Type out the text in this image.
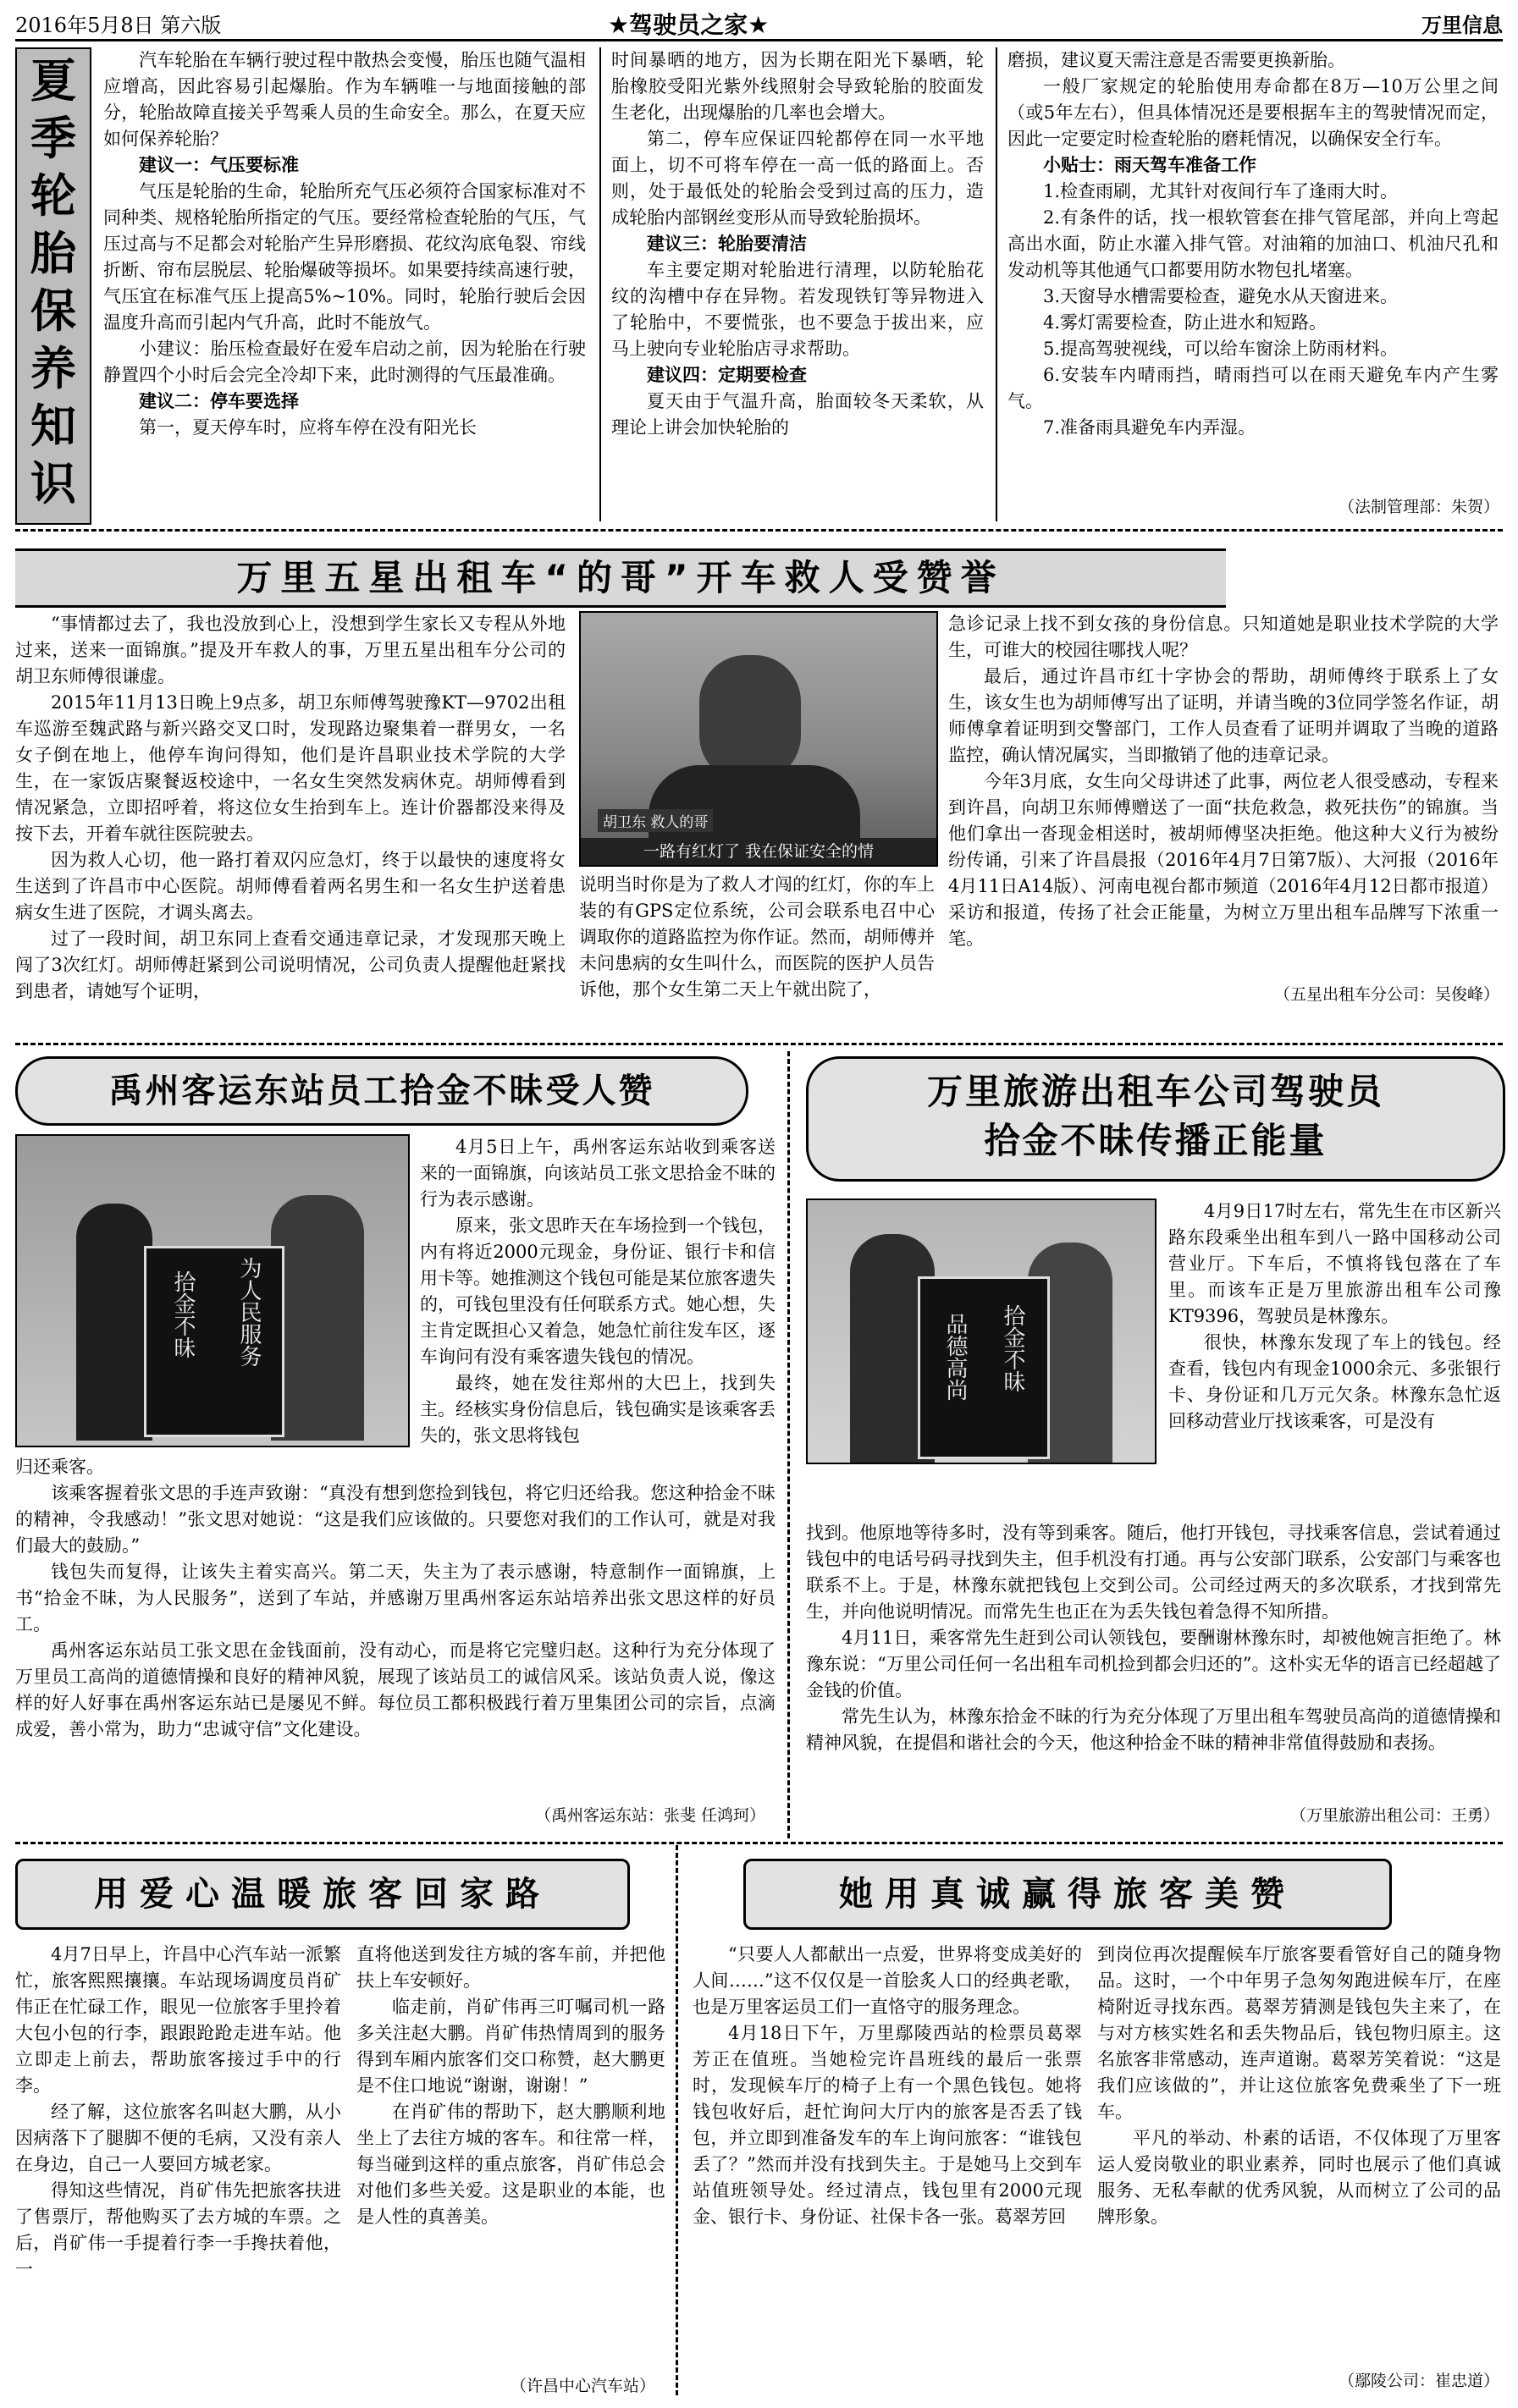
2016年5月8日 第六版	★驾驶员之家★	万里信息
夏
季
轮
胎
保
养
知
识

汽车轮胎在车辆行驶过程中散热会变慢，胎压也随气温相应增高，因此容易引起爆胎。作为车辆唯一与地面接触的部分，轮胎故障直接关乎驾乘人员的生命安全。那么，在夏天应如何保养轮胎？

建议一：气压要标准

气压是轮胎的生命，轮胎所充气压必须符合国家标准对不同种类、规格轮胎所指定的气压。要经常检查轮胎的气压，气压过高与不足都会对轮胎产生异形磨损、花纹沟底龟裂、帘线折断、帘布层脱层、轮胎爆破等损坏。如果要持续高速行驶，气压宜在标准气压上提高5%~10%。同时，轮胎行驶后会因温度升高而引起内气升高，此时不能放气。

小建议：胎压检查最好在爱车启动之前，因为轮胎在行驶静置四个小时后会完全冷却下来，此时测得的气压最准确。

建议二：停车要选择

第一，夏天停车时，应将车停在没有阳光长

时间暴晒的地方，因为长期在阳光下暴晒，轮胎橡胶受阳光紫外线照射会导致轮胎的胶面发生老化，出现爆胎的几率也会增大。

第二，停车应保证四轮都停在同一水平地面上，切不可将车停在一高一低的路面上。否则，处于最低处的轮胎会受到过高的压力，造成轮胎内部钢丝变形从而导致轮胎损坏。

建议三：轮胎要清洁

车主要定期对轮胎进行清理，以防轮胎花纹的沟槽中存在异物。若发现铁钉等异物进入了轮胎中，不要慌张，也不要急于拔出来，应马上驶向专业轮胎店寻求帮助。

建议四：定期要检查

夏天由于气温升高，胎面较冬天柔软，从理论上讲会加快轮胎的

磨损，建议夏天需注意是否需要更换新胎。

一般厂家规定的轮胎使用寿命都在8万—10万公里之间（或5年左右），但具体情况还是要根据车主的驾驶情况而定，因此一定要定时检查轮胎的磨耗情况，以确保安全行车。

小贴士：雨天驾车准备工作

1.检查雨刷，尤其针对夜间行车了逢雨大时。

2.有条件的话，找一根软管套在排气管尾部，并向上弯起高出水面，防止水灌入排气管。对油箱的加油口、机油尺孔和发动机等其他通气口都要用防水物包扎堵塞。

3.天窗导水槽需要检查，避免水从天窗进来。

4.雾灯需要检查，防止进水和短路。

5.提高驾驶视线，可以给车窗涂上防雨材料。

6.安装车内晴雨挡，晴雨挡可以在雨天避免车内产生雾气。

7.准备雨具避免车内弄湿。

（法制管理部：朱贺）
万里五星出租车“的哥”开车救人受赞誉

“事情都过去了，我也没放到心上，没想到学生家长又专程从外地过来，送来一面锦旗。”提及开车救人的事，万里五星出租车分公司的胡卫东师傅很谦虚。

2015年11月13日晚上9点多，胡卫东师傅驾驶豫KT—9702出租车巡游至魏武路与新兴路交叉口时，发现路边聚集着一群男女，一名女子倒在地上，他停车询问得知，他们是许昌职业技术学院的大学生，在一家饭店聚餐返校途中，一名女生突然发病休克。胡师傅看到情况紧急，立即招呼着，将这位女生抬到车上。连计价器都没来得及按下去，开着车就往医院驶去。

因为救人心切，他一路打着双闪应急灯，终于以最快的速度将女生送到了许昌市中心医院。胡师傅看着两名男生和一名女生护送着患病女生进了医院，才调头离去。

过了一段时间，胡卫东同上查看交通违章记录，才发现那天晚上闯了3次红灯。胡师傅赶紧到公司说明情况，公司负责人提醒他赶紧找到患者，请她写个证明，

胡卫东 救人的哥
一路有红灯了 我在保证安全的情

说明当时你是为了救人才闯的红灯，你的车上装的有GPS定位系统，公司会联系电召中心调取你的道路监控为你作证。然而，胡师傅并未问患病的女生叫什么，而医院的医护人员告诉他，那个女生第二天上午就出院了，

急诊记录上找不到女孩的身份信息。只知道她是职业技术学院的大学生，可谁大的校园往哪找人呢？

最后，通过许昌市红十字协会的帮助，胡师傅终于联系上了女生，该女生也为胡师傅写出了证明，并请当晚的3位同学签名作证，胡师傅拿着证明到交警部门，工作人员查看了证明并调取了当晚的道路监控，确认情况属实，当即撤销了他的违章记录。

今年3月底，女生向父母讲述了此事，两位老人很受感动，专程来到许昌，向胡卫东师傅赠送了一面“扶危救急，救死扶伤”的锦旗。当他们拿出一沓现金相送时，被胡师傅坚决拒绝。他这种大义行为被纷纷传诵，引来了许昌晨报（2016年4月7日第7版）、大河报（2016年4月11日A14版）、河南电视台都市频道（2016年4月12日都市报道）采访和报道，传扬了社会正能量，为树立万里出租车品牌写下浓重一笔。

（五星出租车分公司：吴俊峰）
禹州客运东站员工拾金不昧受人赞
拾金不昧 为人民服务

4月5日上午，禹州客运东站收到乘客送来的一面锦旗，向该站员工张文思拾金不昧的行为表示感谢。

原来，张文思昨天在车场捡到一个钱包，内有将近2000元现金，身份证、银行卡和信用卡等。她推测这个钱包可能是某位旅客遗失的，可钱包里没有任何联系方式。她心想，失主肯定既担心又着急，她急忙前往发车区，逐车询问有没有乘客遗失钱包的情况。

最终，她在发往郑州的大巴上，找到失主。经核实身份信息后，钱包确实是该乘客丢失的，张文思将钱包

归还乘客。

该乘客握着张文思的手连声致谢：“真没有想到您捡到钱包，将它归还给我。您这种拾金不昧的精神，令我感动！”张文思对她说：“这是我们应该做的。只要您对我们的工作认可，就是对我们最大的鼓励。”

钱包失而复得，让该失主着实高兴。第二天，失主为了表示感谢，特意制作一面锦旗，上书“拾金不昧，为人民服务”，送到了车站，并感谢万里禹州客运东站培养出张文思这样的好员工。

禹州客运东站员工张文思在金钱面前，没有动心，而是将它完璧归赵。这种行为充分体现了万里员工高尚的道德情操和良好的精神风貌，展现了该站员工的诚信风采。该站负责人说，像这样的好人好事在禹州客运东站已是屡见不鲜。每位员工都积极践行着万里集团公司的宗旨，点滴成爱，善小常为，助力“忠诚守信”文化建设。

（禹州客运东站：张斐 任鸿珂）
万里旅游出租车公司驾驶员
拾金不昧传播正能量
品德高尚 拾金不昧

4月9日17时左右，常先生在市区新兴路东段乘坐出租车到八一路中国移动公司营业厅。下车后，不慎将钱包落在了车里。而该车正是万里旅游出租车公司豫KT9396，驾驶员是林豫东。

很快，林豫东发现了车上的钱包。经查看，钱包内有现金1000余元、多张银行卡、身份证和几万元欠条。林豫东急忙返回移动营业厅找该乘客，可是没有

找到。他原地等待多时，没有等到乘客。随后，他打开钱包，寻找乘客信息，尝试着通过钱包中的电话号码寻找到失主，但手机没有打通。再与公安部门联系，公安部门与乘客也联系不上。于是，林豫东就把钱包上交到公司。公司经过两天的多次联系，才找到常先生，并向他说明情况。而常先生也正在为丢失钱包着急得不知所措。

4月11日，乘客常先生赶到公司认领钱包，要酬谢林豫东时，却被他婉言拒绝了。林豫东说：“万里公司任何一名出租车司机捡到都会归还的”。这朴实无华的语言已经超越了金钱的价值。

常先生认为，林豫东拾金不昧的行为充分体现了万里出租车驾驶员高尚的道德情操和精神风貌，在提倡和谐社会的今天，他这种拾金不昧的精神非常值得鼓励和表扬。

（万里旅游出租公司：王勇）
用爱心温暖旅客回家路

4月7日早上，许昌中心汽车站一派繁忙，旅客熙熙攘攘。车站现场调度员肖矿伟正在忙碌工作，眼见一位旅客手里拎着大包小包的行李，跟跟跄跄走进车站。他立即走上前去，帮助旅客接过手中的行李。

经了解，这位旅客名叫赵大鹏，从小因病落下了腿脚不便的毛病，又没有亲人在身边，自己一人要回方城老家。

得知这些情况，肖矿伟先把旅客扶进了售票厅，帮他购买了去方城的车票。之后，肖矿伟一手提着行李一手搀扶着他，一

直将他送到发往方城的客车前，并把他扶上车安顿好。

临走前，肖矿伟再三叮嘱司机一路多关注赵大鹏。肖矿伟热情周到的服务得到车厢内旅客们交口称赞，赵大鹏更是不住口地说“谢谢，谢谢！”

在肖矿伟的帮助下，赵大鹏顺利地坐上了去往方城的客车。和往常一样，每当碰到这样的重点旅客，肖矿伟总会对他们多些关爱。这是职业的本能，也是人性的真善美。

（许昌中心汽车站）
她用真诚赢得旅客美赞

“只要人人都献出一点爱，世界将变成美好的人间……”这不仅仅是一首脍炙人口的经典老歌，也是万里客运员工们一直恪守的服务理念。

4月18日下午，万里鄢陵西站的检票员葛翠芳正在值班。当她检完许昌班线的最后一张票时，发现候车厅的椅子上有一个黑色钱包。她将钱包收好后，赶忙询问大厅内的旅客是否丢了钱包，并立即到准备发车的车上询问旅客：“谁钱包丢了？”然而并没有找到失主。于是她马上交到车站值班领导处。经过清点，钱包里有2000元现金、银行卡、身份证、社保卡各一张。葛翠芳回

到岗位再次提醒候车厅旅客要看管好自己的随身物品。这时，一个中年男子急匆匆跑进候车厅，在座椅附近寻找东西。葛翠芳猜测是钱包失主来了，在与对方核实姓名和丢失物品后，钱包物归原主。这名旅客非常感动，连声道谢。葛翠芳笑着说：“这是我们应该做的”，并让这位旅客免费乘坐了下一班车。

平凡的举动、朴素的话语，不仅体现了万里客运人爱岗敬业的职业素养，同时也展示了他们真诚服务、无私奉献的优秀风貌，从而树立了公司的品牌形象。

（鄢陵公司：崔忠道）
